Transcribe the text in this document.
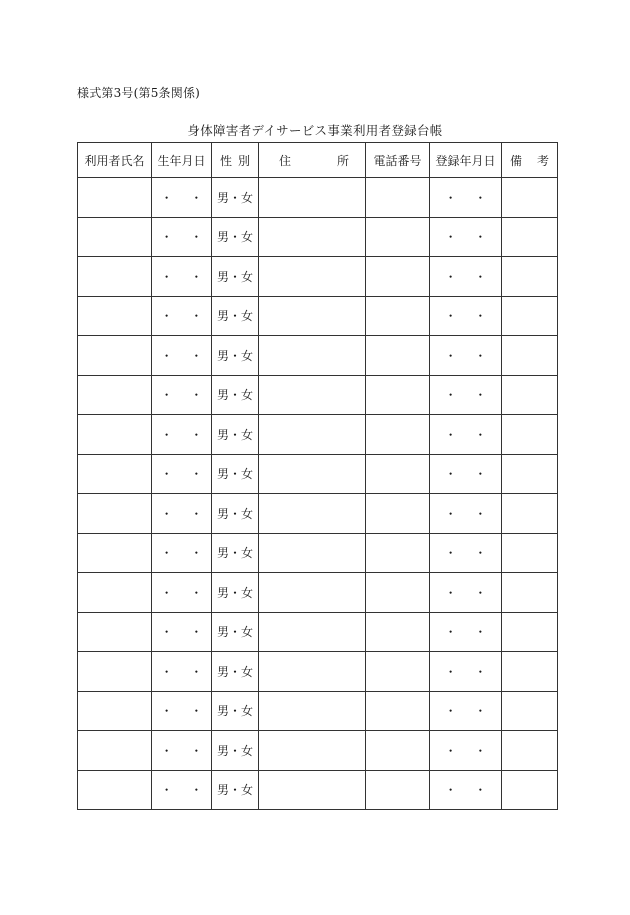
様式第3号(第5条関係)
身体障害者デイサービス事業利用者登録台帳
利用者氏名	生年月日	性 別	住 所	電話番号	登録年月日	備 考

	・ ・	男・女			・ ・	
	・ ・	男・女			・ ・	
	・ ・	男・女			・ ・	
	・ ・	男・女			・ ・	
	・ ・	男・女			・ ・	
	・ ・	男・女			・ ・	
	・ ・	男・女			・ ・	
	・ ・	男・女			・ ・	
	・ ・	男・女			・ ・	
	・ ・	男・女			・ ・	
	・ ・	男・女			・ ・	
	・ ・	男・女			・ ・	
	・ ・	男・女			・ ・	
	・ ・	男・女			・ ・	
	・ ・	男・女			・ ・	
	・ ・	男・女			・ ・	
